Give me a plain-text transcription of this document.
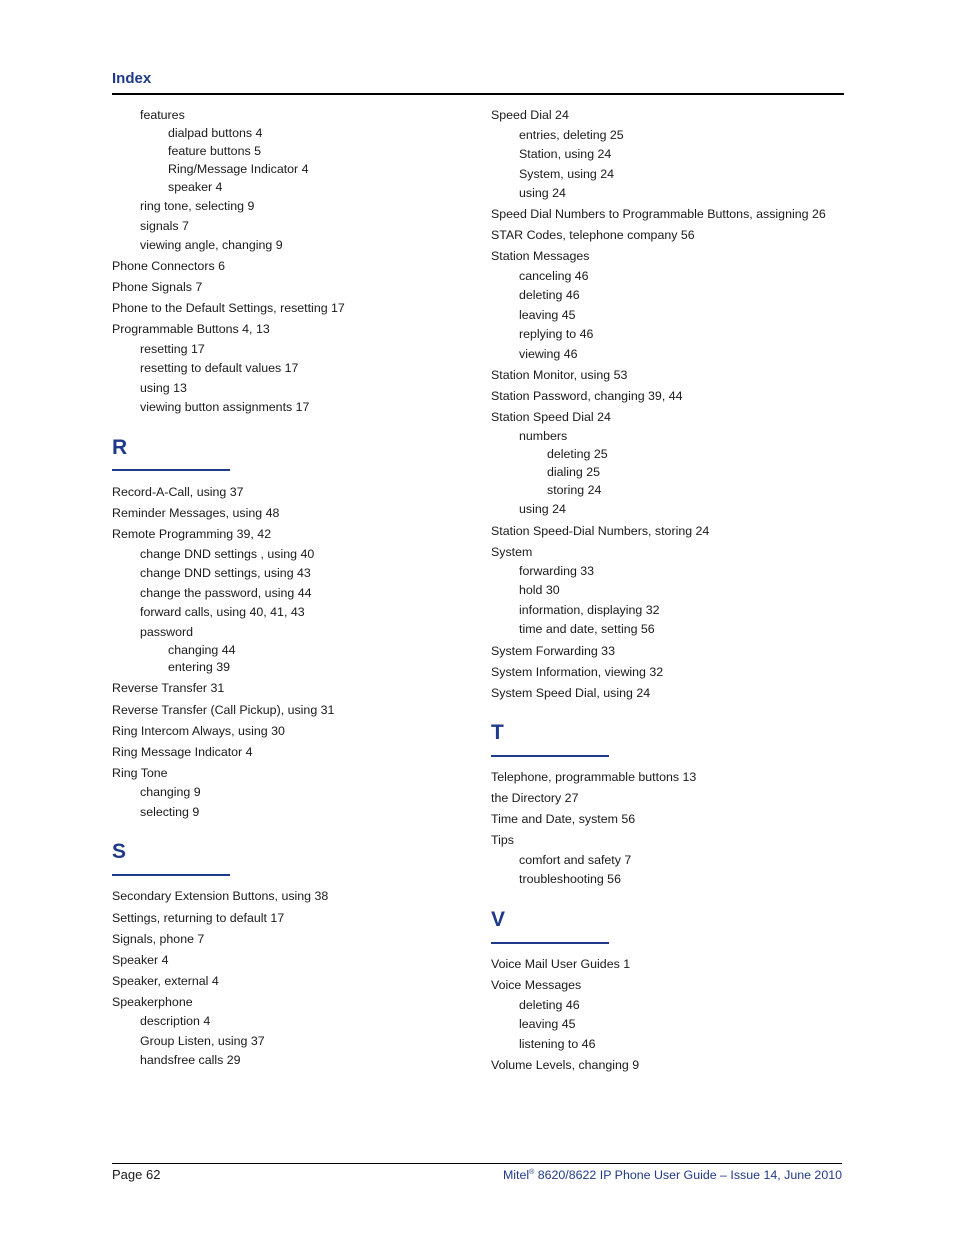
Index
features
dialpad buttons 4
feature buttons 5
Ring/Message Indicator 4
speaker 4
ring tone, selecting 9
signals 7
viewing angle, changing 9
Phone Connectors 6
Phone Signals 7
Phone to the Default Settings, resetting 17
Programmable Buttons 4, 13
resetting 17
resetting to default values 17
using 13
viewing button assignments 17
Record-A-Call, using 37
Reminder Messages, using 48
Remote Programming 39, 42
change DND settings , using 40
change DND settings, using 43
change the password, using 44
forward calls, using 40, 41, 43
password
changing 44
entering 39
Reverse Transfer 31
Reverse Transfer (Call Pickup), using 31
Ring Intercom Always, using 30
Ring Message Indicator 4
Ring Tone
changing 9
selecting 9
Secondary Extension Buttons, using 38
Settings, returning to default 17
Signals, phone 7
Speaker 4
Speaker, external 4
Speakerphone
description 4
Group Listen, using 37
handsfree calls 29
R
S
Speed Dial 24
entries, deleting 25
Station, using 24
System, using 24
using 24
Speed Dial Numbers to Programmable Buttons, assigning 26
STAR Codes, telephone company 56
Station Messages
canceling 46
deleting 46
leaving 45
replying to 46
viewing 46
Station Monitor, using 53
Station Password, changing 39, 44
Station Speed Dial 24
numbers
deleting 25
dialing 25
storing 24
using 24
Station Speed-Dial Numbers, storing 24
System
forwarding 33
hold 30
information, displaying 32
time and date, setting 56
System Forwarding 33
System Information, viewing 32
System Speed Dial, using 24
Telephone, programmable buttons 13
the Directory 27
Time and Date, system 56
Tips
comfort and safety 7
troubleshooting 56
Voice Mail User Guides 1
Voice Messages
deleting 46
leaving 45
listening to 46
Volume Levels, changing 9
T
V
Page 62	Mitel® 8620/8622 IP Phone User Guide – Issue 14, June 2010
